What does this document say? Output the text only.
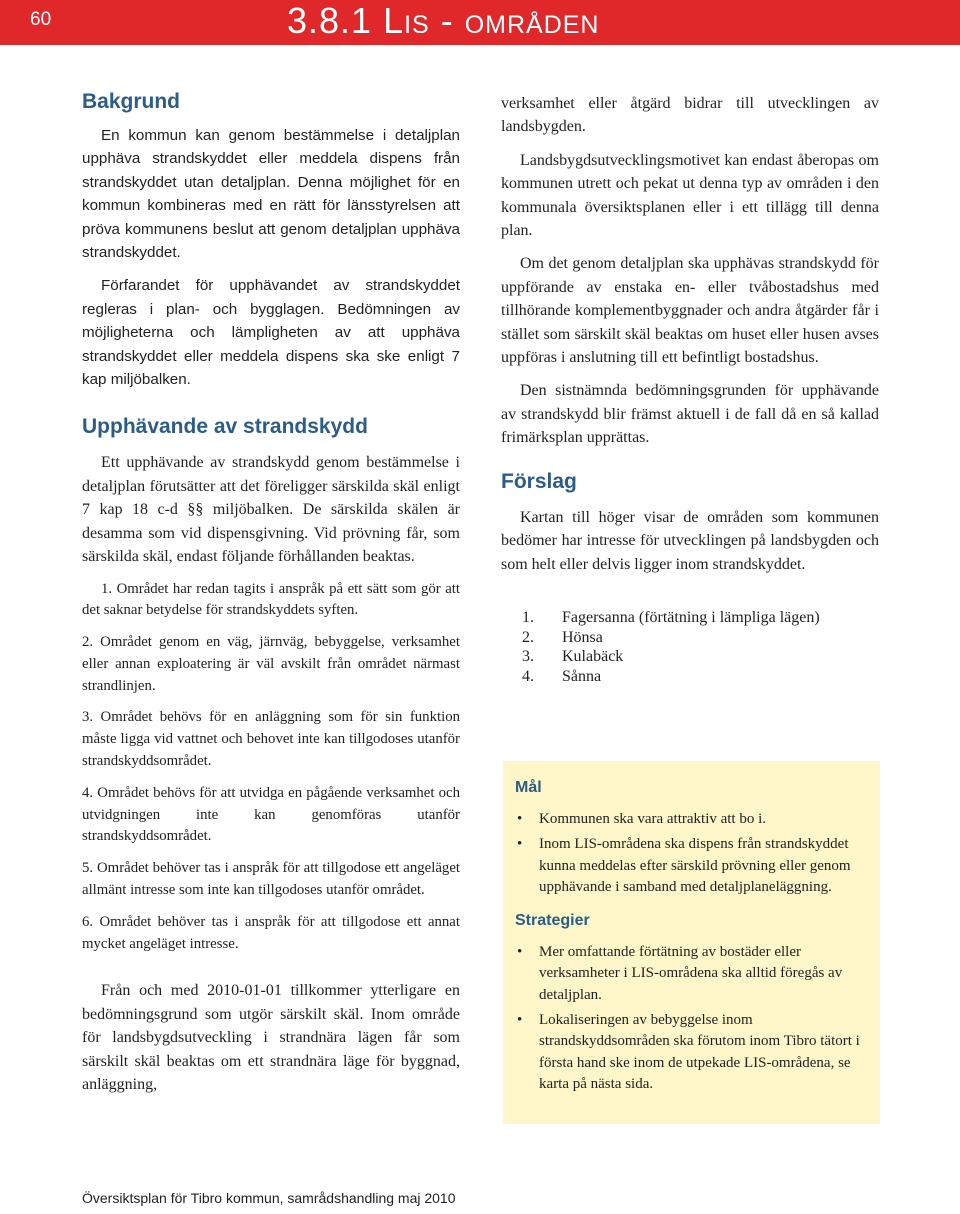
60	3.8.1 Lis - områden
Bakgrund

En kommun kan genom bestämmelse i detaljplan upphäva strandskyddet eller meddela dispens från strandskyddet utan detaljplan. Denna möjlighet för en kommun kombineras med en rätt för länsstyrelsen att pröva kommunens beslut att genom detaljplan upphäva strandskyddet.

Förfarandet för upphävandet av strandskyddet regleras i plan- och bygglagen. Bedömningen av möjligheterna och lämpligheten av att upphäva strandskyddet eller meddela dispens ska ske enligt 7 kap miljöbalken.

Upphävande av strandskydd

Ett upphävande av strandskydd genom bestämmelse i detaljplan förutsätter att det föreligger särskilda skäl enligt 7 kap 18 c-d §§ miljöbalken. De särskilda skälen är desamma som vid dispensgivning. Vid prövning får, som särskilda skäl, endast följande förhållanden beaktas.

1. Området har redan tagits i anspråk på ett sätt som gör att det saknar betydelse för strandskyddets syften.

2. Området genom en väg, järnväg, bebyggelse, verksamhet eller annan exploatering är väl avskilt från området närmast strandlinjen.

3. Området behövs för en anläggning som för sin funktion måste ligga vid vattnet och behovet inte kan tillgodoses utanför strandskyddsområdet.

4. Området behövs för att utvidga en pågående verksamhet och utvidgningen inte kan genomföras utanför strandskyddsområdet.

5. Området behöver tas i anspråk för att tillgodose ett angeläget allmänt intresse som inte kan tillgodoses utanför området.

6. Området behöver tas i anspråk för att tillgodose ett annat mycket angeläget intresse.

Från och med 2010-01-01 tillkommer ytterligare en bedömningsgrund som utgör särskilt skäl. Inom område för landsbygdsutveckling i strandnära lägen får som särskilt skäl beaktas om ett strandnära läge för byggnad, anläggning,

verksamhet eller åtgärd bidrar till utvecklingen av landsbygden.

Landsbygdsutvecklingsmotivet kan endast åberopas om kommunen utrett och pekat ut denna typ av områden i den kommunala översiktsplanen eller i ett tillägg till denna plan.

Om det genom detaljplan ska upphävas strandskydd för uppförande av enstaka en- eller tvåbostadshus med tillhörande komplementbyggnader och andra åtgärder får i stället som särskilt skäl beaktas om huset eller husen avses uppföras i anslutning till ett befintligt bostadshus.

Den sistnämnda bedömningsgrunden för upphävande av strandskydd blir främst aktuell i de fall då en så kallad frimärksplan upprättas.

Förslag

Kartan till höger visar de områden som kommunen bedömer har intresse för utvecklingen på landsbygden och som helt eller delvis ligger inom strandskyddet.

1. Fagersanna (förtätning i lämpliga lägen)
2. Hönsa
3. Kulabäck
4. Sånna
Mål
• Kommunen ska vara attraktiv att bo i.
• Inom LIS-områdena ska dispens från strandskyddet kunna meddelas efter särskild prövning eller genom upphävande i samband med detaljplaneläggning.
Strategier
• Mer omfattande förtätning av bostäder eller verksamheter i LIS-områdena ska alltid föregås av detaljplan.
• Lokaliseringen av bebyggelse inom strandskyddsområden ska förutom inom Tibro tätort i första hand ske inom de utpekade LIS-områdena, se karta på nästa sida.
Översiktsplan för Tibro kommun, samrådshandling maj 2010
